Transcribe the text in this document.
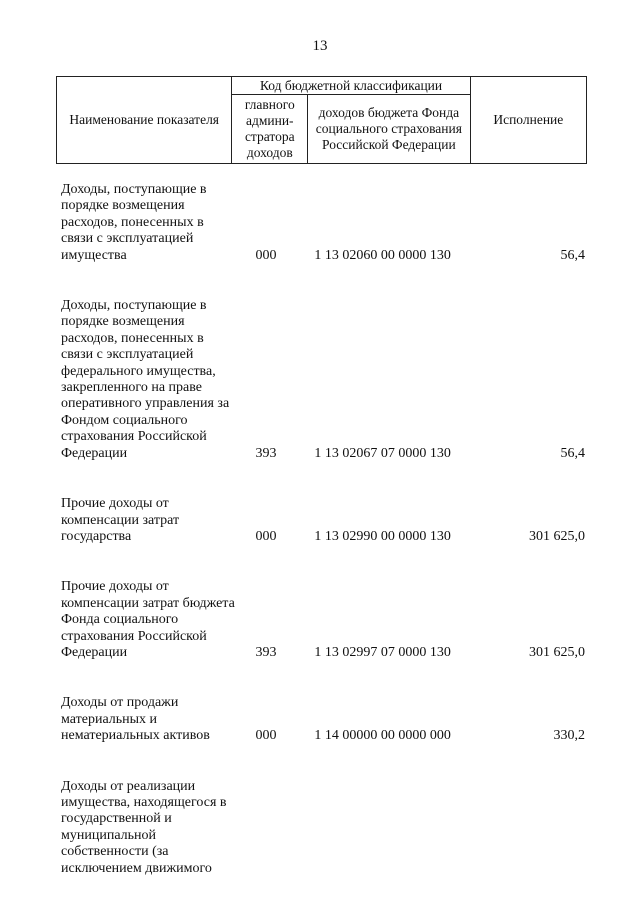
13
Наименование показателя	Код бюджетной классификации		Исполнение
	главного админи-стратора доходов	доходов бюджета Фонда социального страхования Российской Федерации	
Доходы, поступающие в порядке возмещения расходов, понесенных в связи с эксплуатацией имущества	000	1 13 02060 00 0000 130	56,4

Доходы, поступающие в порядке возмещения расходов, понесенных в связи с эксплуатацией федерального имущества, закрепленного на праве оперативного управления за Фондом социального страхования Российской Федерации	393	1 13 02067 07 0000 130	56,4

Прочие доходы от компенсации затрат государства	000	1 13 02990 00 0000 130	301 625,0

Прочие доходы от компенсации затрат бюджета Фонда социального страхования Российской Федерации	393	1 13 02997 07 0000 130	301 625,0

Доходы от продажи материальных и нематериальных активов	000	1 14 00000 00 0000 000	330,2

Доходы от реализации имущества, находящегося в государственной и муниципальной собственности (за исключением движимого			
